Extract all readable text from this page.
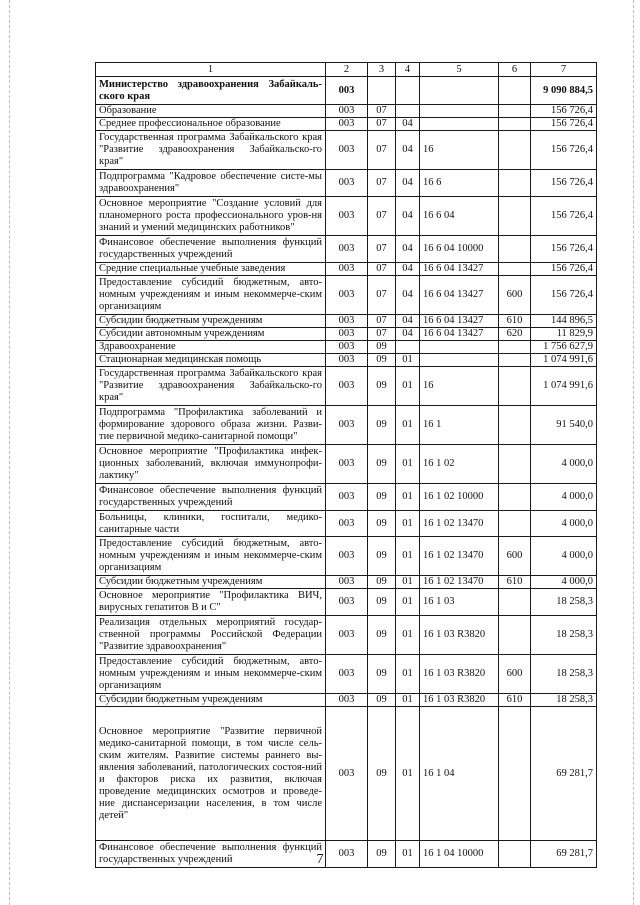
1	2	3	4	5	6	7
Министерство здравоохранения Забайкаль-ского края	003					9 090 884,5
Образование	003	07				156 726,4
Среднее профессиональное образование	003	07	04			156 726,4
Государственная программа Забайкальского края "Развитие здравоохранения Забайкальско-го края"	003	07	04	16		156 726,4
Подпрограмма "Кадровое обеспечение систе-мы здравоохранения"	003	07	04	16 6		156 726,4
Основное мероприятие "Создание условий для планомерного роста профессионального уров-ня знаний и умений медицинских работников"	003	07	04	16 6 04		156 726,4
Финансовое обеспечение выполнения функций государственных учреждений	003	07	04	16 6 04 10000		156 726,4
Средние специальные учебные заведения	003	07	04	16 6 04 13427		156 726,4
Предоставление субсидий бюджетным, авто-номным учреждениям и иным некоммерче-ским организациям	003	07	04	16 6 04 13427	600	156 726,4
Субсидии бюджетным учреждениям	003	07	04	16 6 04 13427	610	144 896,5
Субсидии автономным учреждениям	003	07	04	16 6 04 13427	620	11 829,9
Здравоохранение	003	09				1 756 627,9
Стационарная медицинская помощь	003	09	01			1 074 991,6
Государственная программа Забайкальского края "Развитие здравоохранения Забайкальско-го края"	003	09	01	16		1 074 991,6
Подпрограмма "Профилактика заболеваний и формирование здорового образа жизни. Разви-тие первичной медико-санитарной помощи"	003	09	01	16 1		91 540,0
Основное мероприятие "Профилактика инфек-ционных заболеваний, включая иммунопрофи-лактику"	003	09	01	16 1 02		4 000,0
Финансовое обеспечение выполнения функций государственных учреждений	003	09	01	16 1 02 10000		4 000,0
Больницы, клиники, госпитали, медико-санитарные части	003	09	01	16 1 02 13470		4 000,0
Предоставление субсидий бюджетным, авто-номным учреждениям и иным некоммерче-ским организациям	003	09	01	16 1 02 13470	600	4 000,0
Субсидии бюджетным учреждениям	003	09	01	16 1 02 13470	610	4 000,0
Основное мероприятие "Профилактика ВИЧ, вирусных гепатитов В и С"	003	09	01	16 1 03		18 258,3
Реализация отдельных мероприятий государ-ственной программы Российской Федерации "Развитие здравоохранения"	003	09	01	16 1 03 R3820		18 258,3
Предоставление субсидий бюджетным, авто-номным учреждениям и иным некоммерче-ским организациям	003	09	01	16 1 03 R3820	600	18 258,3
Субсидии бюджетным учреждениям	003	09	01	16 1 03 R3820	610	18 258,3
Основное мероприятие "Развитие первичной медико-санитарной помощи, в том числе сель-ским жителям. Развитие системы раннего вы-явления заболеваний, патологических состоя-ний и факторов риска их развития, включая проведение медицинских осмотров и проведе-ние диспансеризации населения, в том числе детей"	003	09	01	16 1 04		69 281,7
Финансовое обеспечение выполнения функций государственных учреждений	003	09	01	16 1 04 10000		69 281,7
7
